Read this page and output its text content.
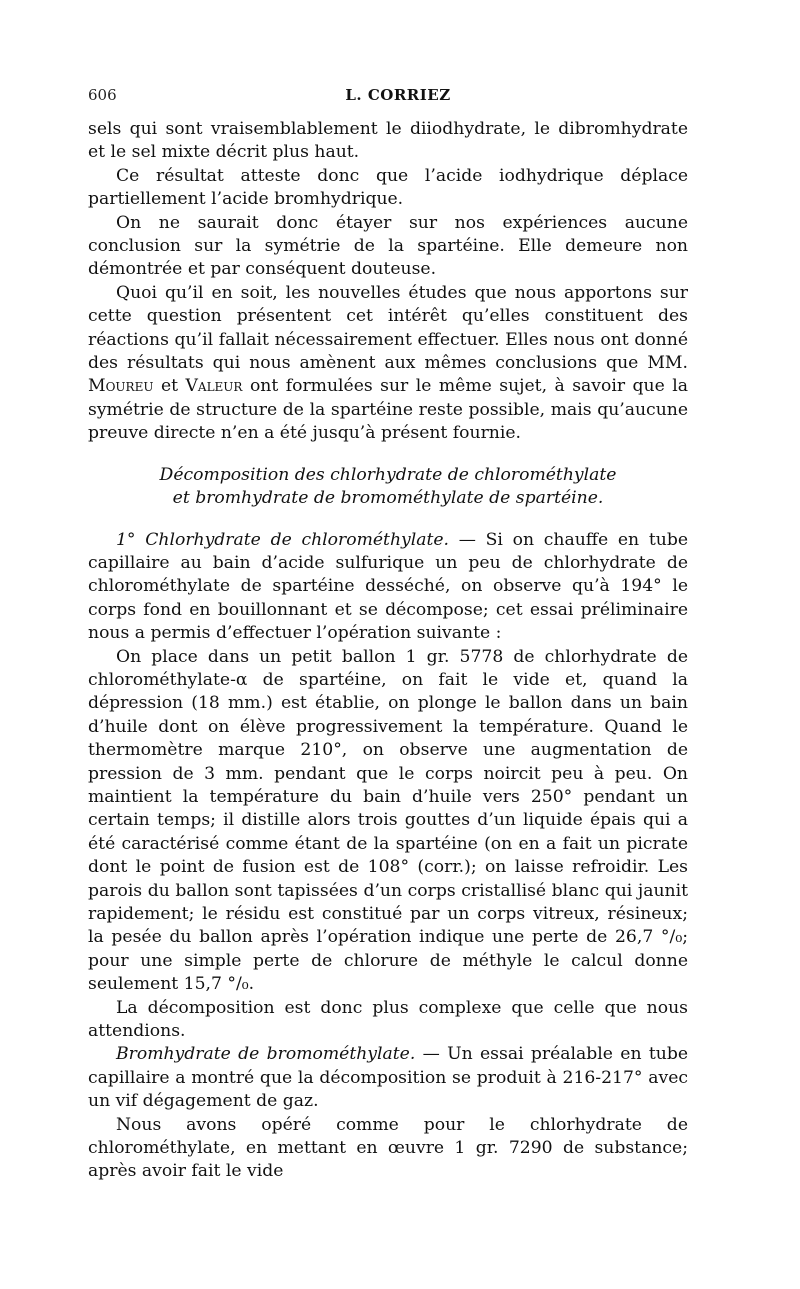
606	L. CORRIEZ

sels qui sont vraisemblablement le diiodhydrate, le dibromhydrate et le sel mixte décrit plus haut.

Ce résultat atteste donc que l’acide iodhydrique déplace partiellement l’acide bromhydrique.

On ne saurait donc étayer sur nos expériences aucune conclusion sur la symétrie de la spartéine. Elle demeure non démontrée et par conséquent douteuse.

Quoi qu’il en soit, les nouvelles études que nous apportons sur cette question présentent cet intérêt qu’elles constituent des réactions qu’il fallait nécessairement effectuer. Elles nous ont donné des résultats qui nous amènent aux mêmes conclusions que MM. Moureu et Valeur ont formulées sur le même sujet, à savoir que la symétrie de structure de la spartéine reste possible, mais qu’aucune preuve directe n’en a été jusqu’à présent fournie.

Décomposition des chlorhydrate de chlorométhylate
et bromhydrate de bromométhylate de spartéine.

1° Chlorhydrate de chlorométhylate. — Si on chauffe en tube capillaire au bain d’acide sulfurique un peu de chlorhydrate de chlorométhylate de spartéine desséché, on observe qu’à 194° le corps fond en bouillonnant et se décompose; cet essai préliminaire nous a permis d’effectuer l’opération suivante :

On place dans un petit ballon 1 gr. 5778 de chlorhydrate de chlorométhylate-α de spartéine, on fait le vide et, quand la dépression (18 mm.) est établie, on plonge le ballon dans un bain d’huile dont on élève progressivement la température. Quand le thermomètre marque 210°, on observe une augmentation de pression de 3 mm. pendant que le corps noircit peu à peu. On maintient la température du bain d’huile vers 250° pendant un certain temps; il distille alors trois gouttes d’un liquide épais qui a été caractérisé comme étant de la spartéine (on en a fait un picrate dont le point de fusion est de 108° (corr.); on laisse refroidir. Les parois du ballon sont tapissées d’un corps cristallisé blanc qui jaunit rapidement; le résidu est constitué par un corps vitreux, résineux; la pesée du ballon après l’opération indique une perte de 26,7 °/₀; pour une simple perte de chlorure de méthyle le calcul donne seulement 15,7 °/₀.

La décomposition est donc plus complexe que celle que nous attendions.

Bromhydrate de bromométhylate. — Un essai préalable en tube capillaire a montré que la décomposition se produit à 216-217° avec un vif dégagement de gaz.

Nous avons opéré comme pour le chlorhydrate de chlorométhylate, en mettant en œuvre 1 gr. 7290 de substance; après avoir fait le vide
